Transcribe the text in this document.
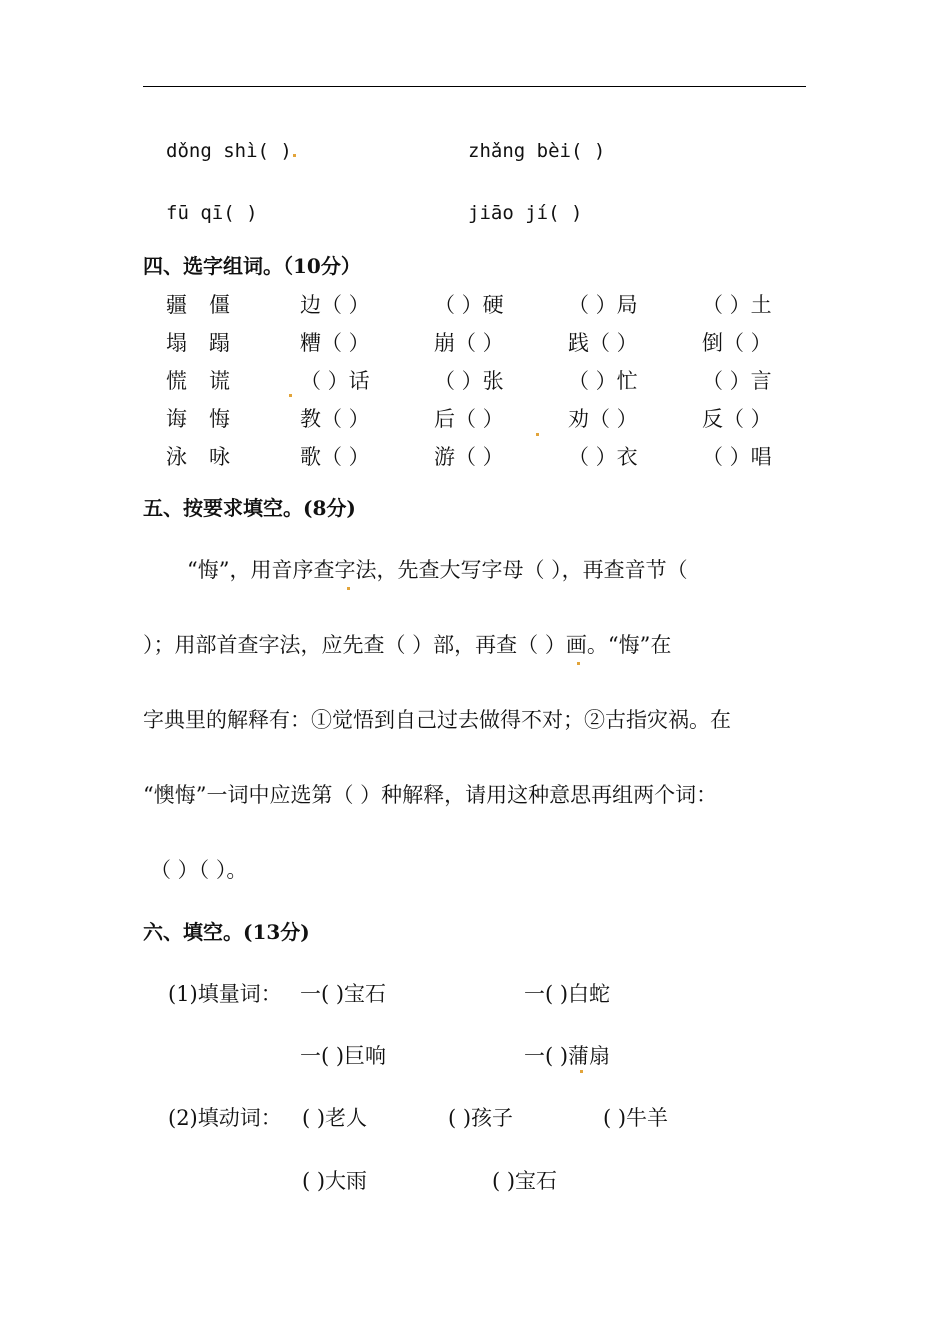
dǒng shì( )	zhǎng bèi( )
fū qī( )	jiāo jí( )
四、选字组词。（10分）
疆 僵	边（ ）	（ ）硬	（ ）局	（ ）土
塌 蹋	糟（ ）	崩（ ）	践（ ）	倒（ ）
慌 谎	（ ）话	（ ）张	（ ）忙	（ ）言
诲 悔	教（ ）	后（ ）	劝（ ）	反（ ）
泳 咏	歌（ ）	游（ ）	（ ）衣	（ ）唱
五、按要求填空。(8分)
“悔”，用音序查字法，先查大写字母（ ），再查音节（
）；用部首查字法，应先查（ ）部，再查（ ）画。“悔”在
字典里的解释有：①觉悟到自己过去做得不对；②古指灾祸。在
“懊悔”一词中应选第（ ）种解释，请用这种意思再组两个词：
（ ）（ ）。
六、填空。(13分)
(1)填量词： 一( )宝石	一( )白蛇
一( )巨响	一( )蒲扇
(2)填动词： ( )老人	( )孩子	( )牛羊
( )大雨	( )宝石
